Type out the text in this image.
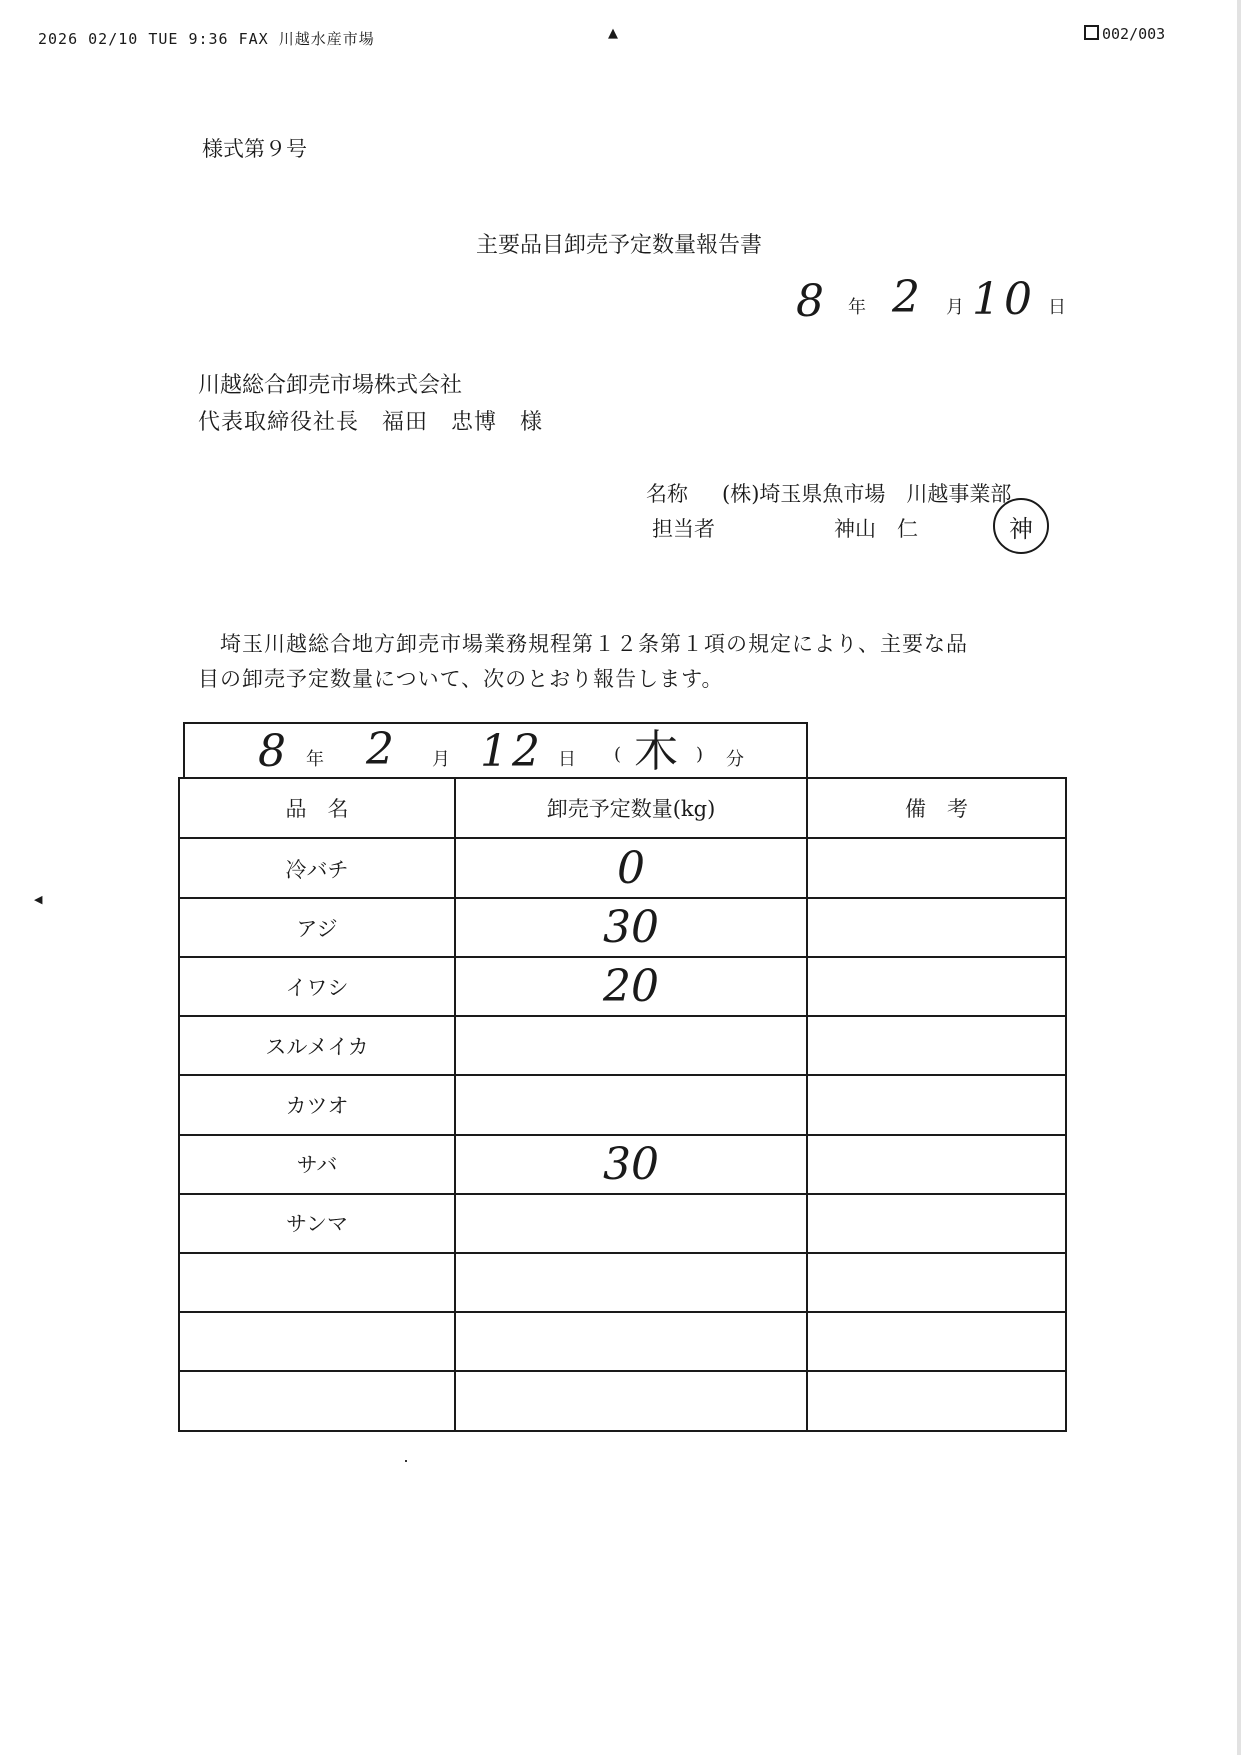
2026 02/10 TUE 9:36 FAX 川越水産市場	▲	002/003
◀
様式第９号
主要品目卸売予定数量報告書
8 年 2 月 10 日
川越総合卸売市場株式会社
代表取締役社長　福田　忠博　様
名称 (株)埼玉県魚市場　川越事業部
担当者	神山　仁	神
埼玉川越総合地方卸売市場業務規程第１２条第１項の規定により、主要な品
目の卸売予定数量について、次のとおり報告します。
8 年 2 月 12 日 ( 木 ) 分
品　名	卸売予定数量(kg)	備　考
冷バチ	0
アジ	30
イワシ	20
スルメイカ
カツオ
サバ	30
サンマ
